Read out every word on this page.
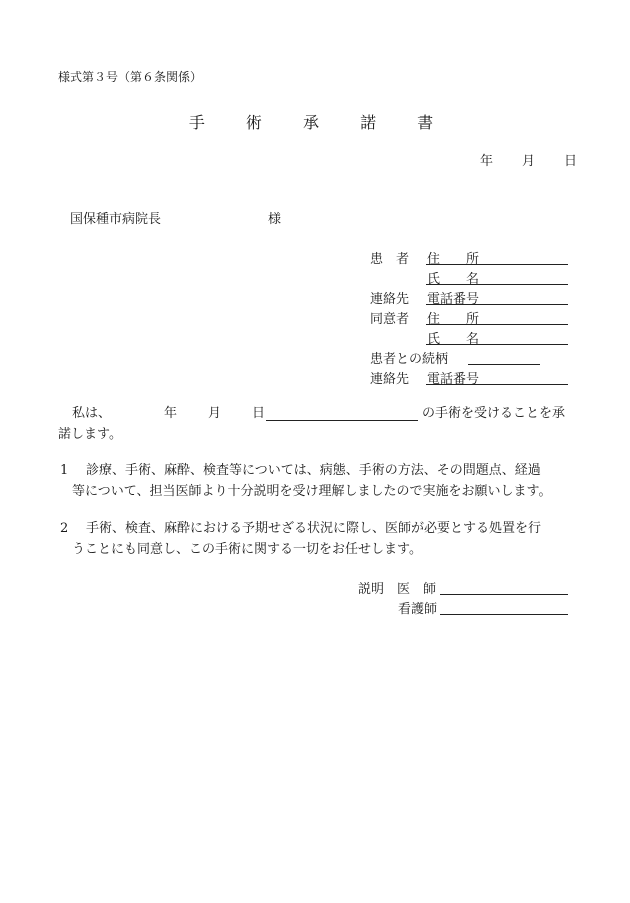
様式第３号（第６条関係）
手 術 承 諾 書
年 月 日
国保種市病院長	様
患　者 住　　所
氏　　名
連絡先 電話番号
同意者 住　　所
氏　　名
患者との続柄
連絡先 電話番号
私は、	年 月 日	の手術を受けることを承
諾します。
1 診療、手術、麻酔、検査等については、病態、手術の方法、その問題点、経過
等について、担当医師より十分説明を受け理解しましたので実施をお願いします。
2 手術、検査、麻酔における予期せざる状況に際し、医師が必要とする処置を行
うことにも同意し、この手術に関する一切をお任せします。
説明　医　師
看護師
